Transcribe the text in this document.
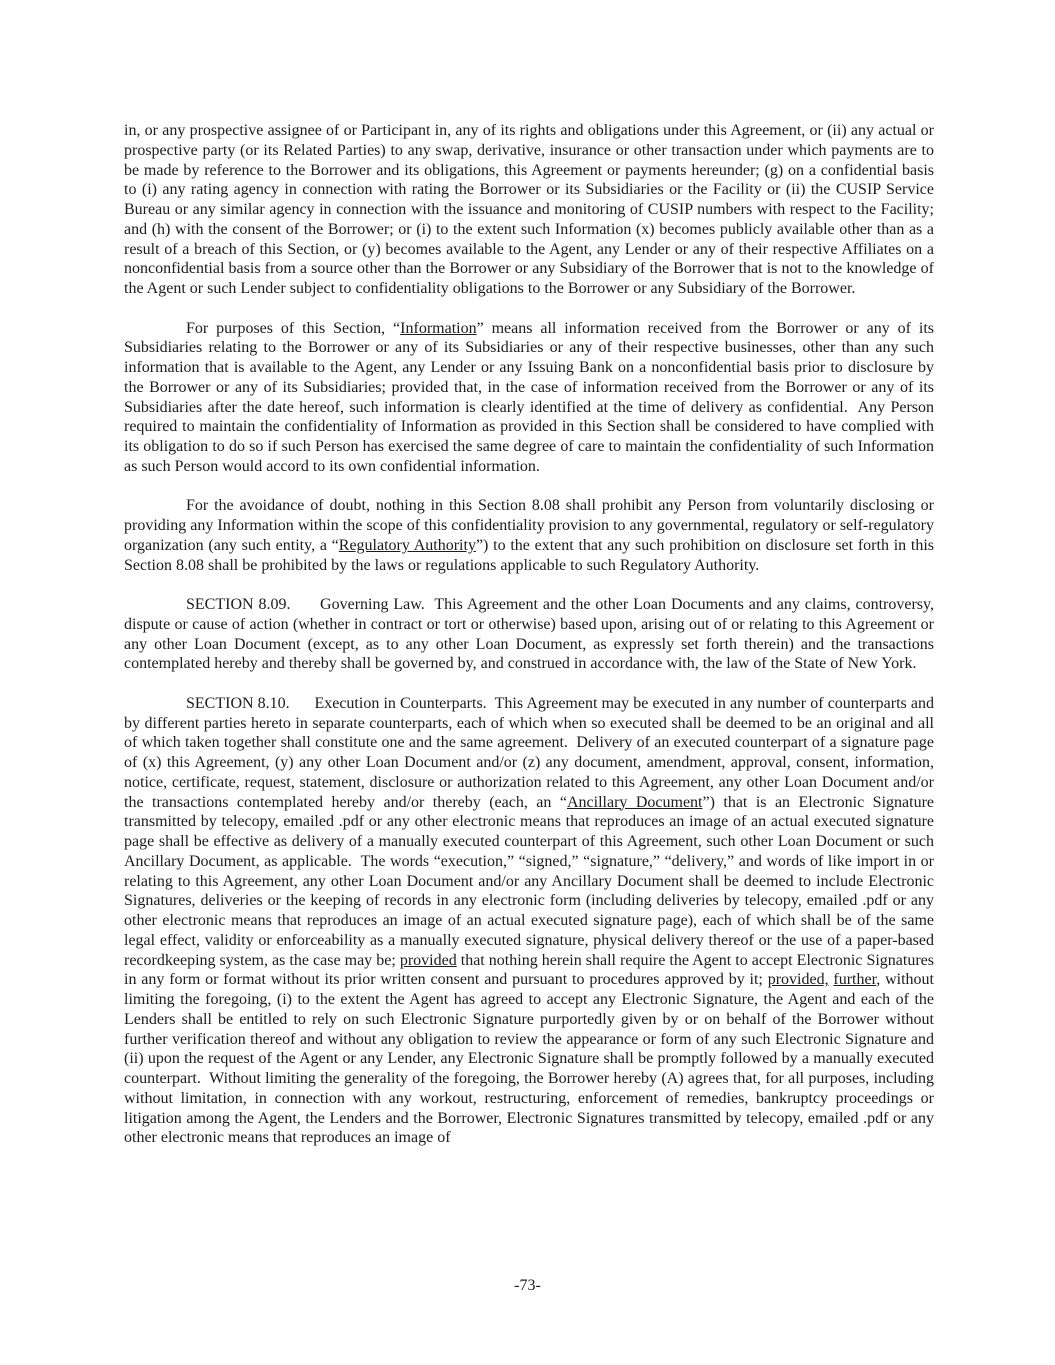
in, or any prospective assignee of or Participant in, any of its rights and obligations under this Agreement, or (ii) any actual or prospective party (or its Related Parties) to any swap, derivative, insurance or other transaction under which payments are to be made by reference to the Borrower and its obligations, this Agreement or payments hereunder; (g) on a confidential basis to (i) any rating agency in connection with rating the Borrower or its Subsidiaries or the Facility or (ii) the CUSIP Service Bureau or any similar agency in connection with the issuance and monitoring of CUSIP numbers with respect to the Facility; and (h) with the consent of the Borrower; or (i) to the extent such Information (x) becomes publicly available other than as a result of a breach of this Section, or (y) becomes available to the Agent, any Lender or any of their respective Affiliates on a nonconfidential basis from a source other than the Borrower or any Subsidiary of the Borrower that is not to the knowledge of the Agent or such Lender subject to confidentiality obligations to the Borrower or any Subsidiary of the Borrower.

For purposes of this Section, “Information” means all information received from the Borrower or any of its Subsidiaries relating to the Borrower or any of its Subsidiaries or any of their respective businesses, other than any such information that is available to the Agent, any Lender or any Issuing Bank on a nonconfidential basis prior to disclosure by the Borrower or any of its Subsidiaries; provided that, in the case of information received from the Borrower or any of its Subsidiaries after the date hereof, such information is clearly identified at the time of delivery as confidential.  Any Person required to maintain the confidentiality of Information as provided in this Section shall be considered to have complied with its obligation to do so if such Person has exercised the same degree of care to maintain the confidentiality of such Information as such Person would accord to its own confidential information.

For the avoidance of doubt, nothing in this Section 8.08 shall prohibit any Person from voluntarily disclosing or providing any Information within the scope of this confidentiality provision to any governmental, regulatory or self-regulatory organization (any such entity, a “Regulatory Authority”) to the extent that any such prohibition on disclosure set forth in this Section 8.08 shall be prohibited by the laws or regulations applicable to such Regulatory Authority.

SECTION 8.09.      Governing Law.  This Agreement and the other Loan Documents and any claims, controversy, dispute or cause of action (whether in contract or tort or otherwise) based upon, arising out of or relating to this Agreement or any other Loan Document (except, as to any other Loan Document, as expressly set forth therein) and the transactions contemplated hereby and thereby shall be governed by, and construed in accordance with, the law of the State of New York.

SECTION 8.10.      Execution in Counterparts.  This Agreement may be executed in any number of counterparts and by different parties hereto in separate counterparts, each of which when so executed shall be deemed to be an original and all of which taken together shall constitute one and the same agreement.  Delivery of an executed counterpart of a signature page of (x) this Agreement, (y) any other Loan Document and/or (z) any document, amendment, approval, consent, information, notice, certificate, request, statement, disclosure or authorization related to this Agreement, any other Loan Document and/or the transactions contemplated hereby and/or thereby (each, an “Ancillary Document”) that is an Electronic Signature transmitted by telecopy, emailed .pdf or any other electronic means that reproduces an image of an actual executed signature page shall be effective as delivery of a manually executed counterpart of this Agreement, such other Loan Document or such Ancillary Document, as applicable.  The words “execution,” “signed,” “signature,” “delivery,” and words of like import in or relating to this Agreement, any other Loan Document and/or any Ancillary Document shall be deemed to include Electronic Signatures, deliveries or the keeping of records in any electronic form (including deliveries by telecopy, emailed .pdf or any other electronic means that reproduces an image of an actual executed signature page), each of which shall be of the same legal effect, validity or enforceability as a manually executed signature, physical delivery thereof or the use of a paper-based recordkeeping system, as the case may be; provided that nothing herein shall require the Agent to accept Electronic Signatures in any form or format without its prior written consent and pursuant to procedures approved by it; provided, further, without limiting the foregoing, (i) to the extent the Agent has agreed to accept any Electronic Signature, the Agent and each of the Lenders shall be entitled to rely on such Electronic Signature purportedly given by or on behalf of the Borrower without further verification thereof and without any obligation to review the appearance or form of any such Electronic Signature and (ii) upon the request of the Agent or any Lender, any Electronic Signature shall be promptly followed by a manually executed counterpart.  Without limiting the generality of the foregoing, the Borrower hereby (A) agrees that, for all purposes, including without limitation, in connection with any workout, restructuring, enforcement of remedies, bankruptcy proceedings or litigation among the Agent, the Lenders and the Borrower, Electronic Signatures transmitted by telecopy, emailed .pdf or any other electronic means that reproduces an image of

-73-
